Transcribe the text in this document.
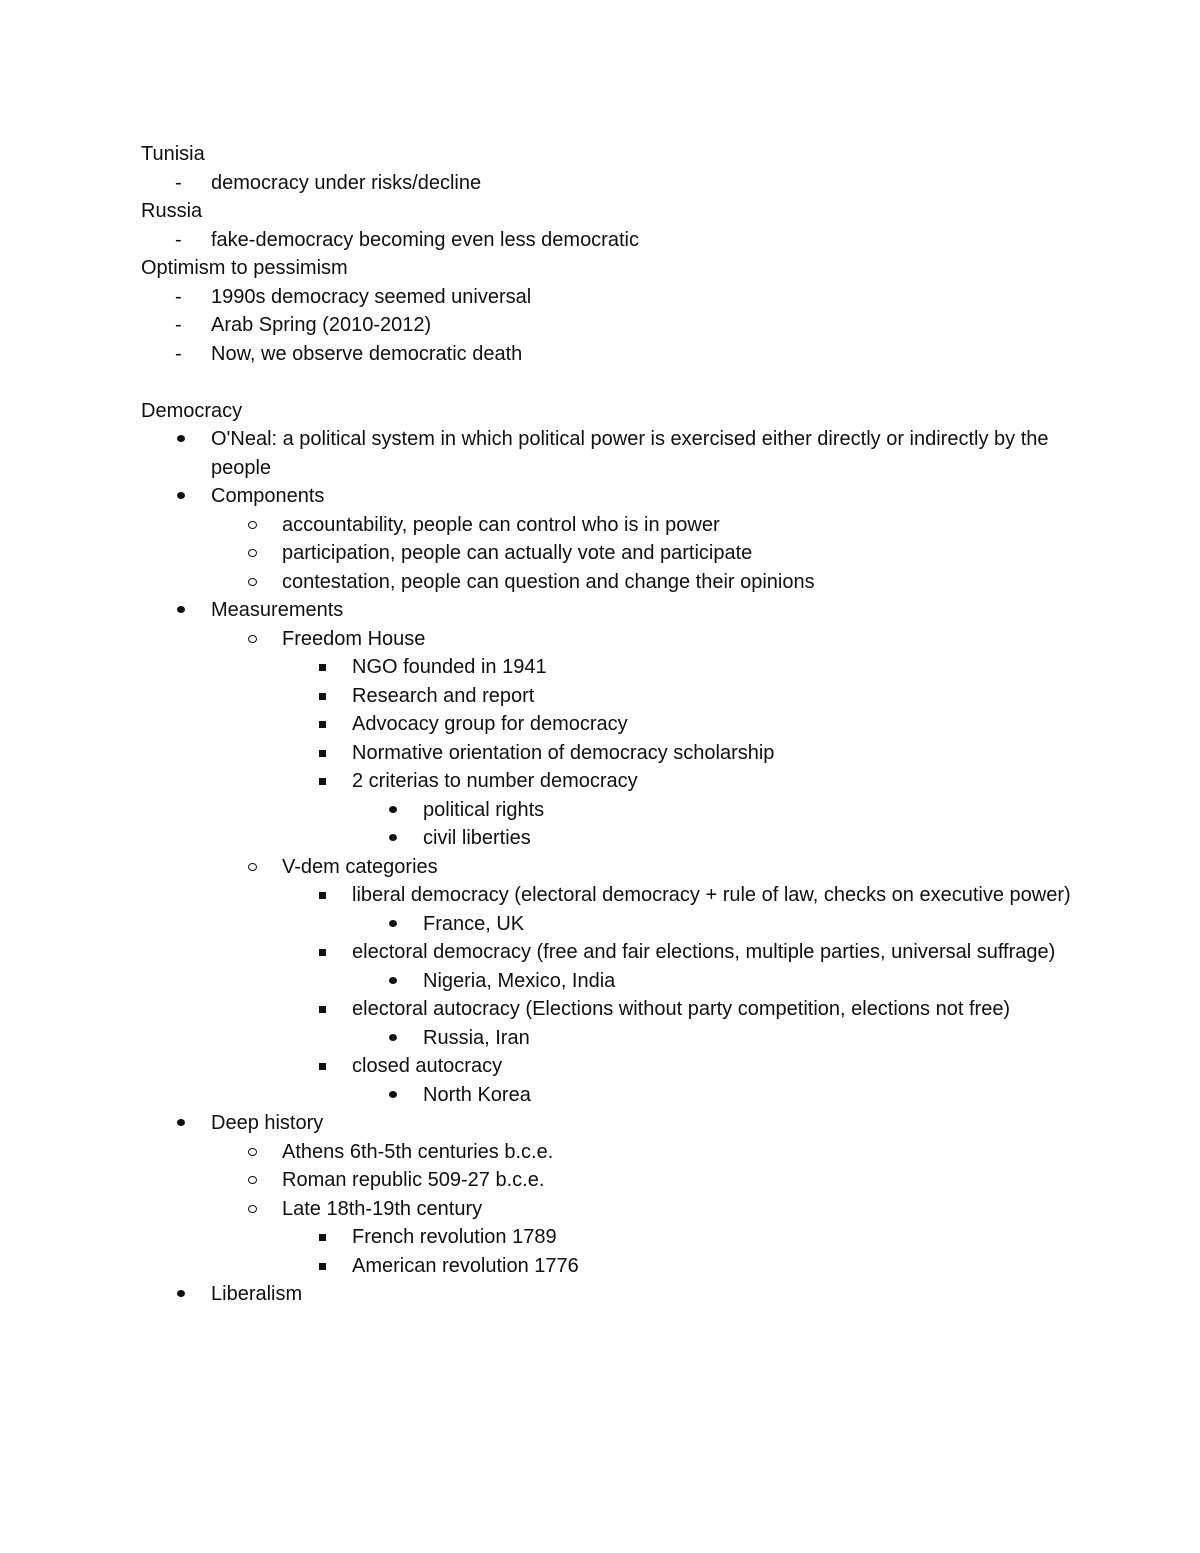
Tunisia
democracy under risks/decline
Russia
fake-democracy becoming even less democratic
Optimism to pessimism
1990s democracy seemed universal
Arab Spring (2010-2012)
Now, we observe democratic death
Democracy
O'Neal: a political system in which political power is exercised either directly or indirectly by the people
Components
accountability, people can control who is in power
participation, people can actually vote and participate
contestation, people can question and change their opinions
Measurements
Freedom House
NGO founded in 1941
Research and report
Advocacy group for democracy
Normative orientation of democracy scholarship
2 criterias to number democracy
political rights
civil liberties
V-dem categories
liberal democracy (electoral democracy + rule of law, checks on executive power)
France, UK
electoral democracy (free and fair elections, multiple parties, universal suffrage)
Nigeria, Mexico, India
electoral autocracy (Elections without party competition, elections not free)
Russia, Iran
closed autocracy
North Korea
Deep history
Athens 6th-5th centuries b.c.e.
Roman republic 509-27 b.c.e.
Late 18th-19th century
French revolution 1789
American revolution 1776
Liberalism
